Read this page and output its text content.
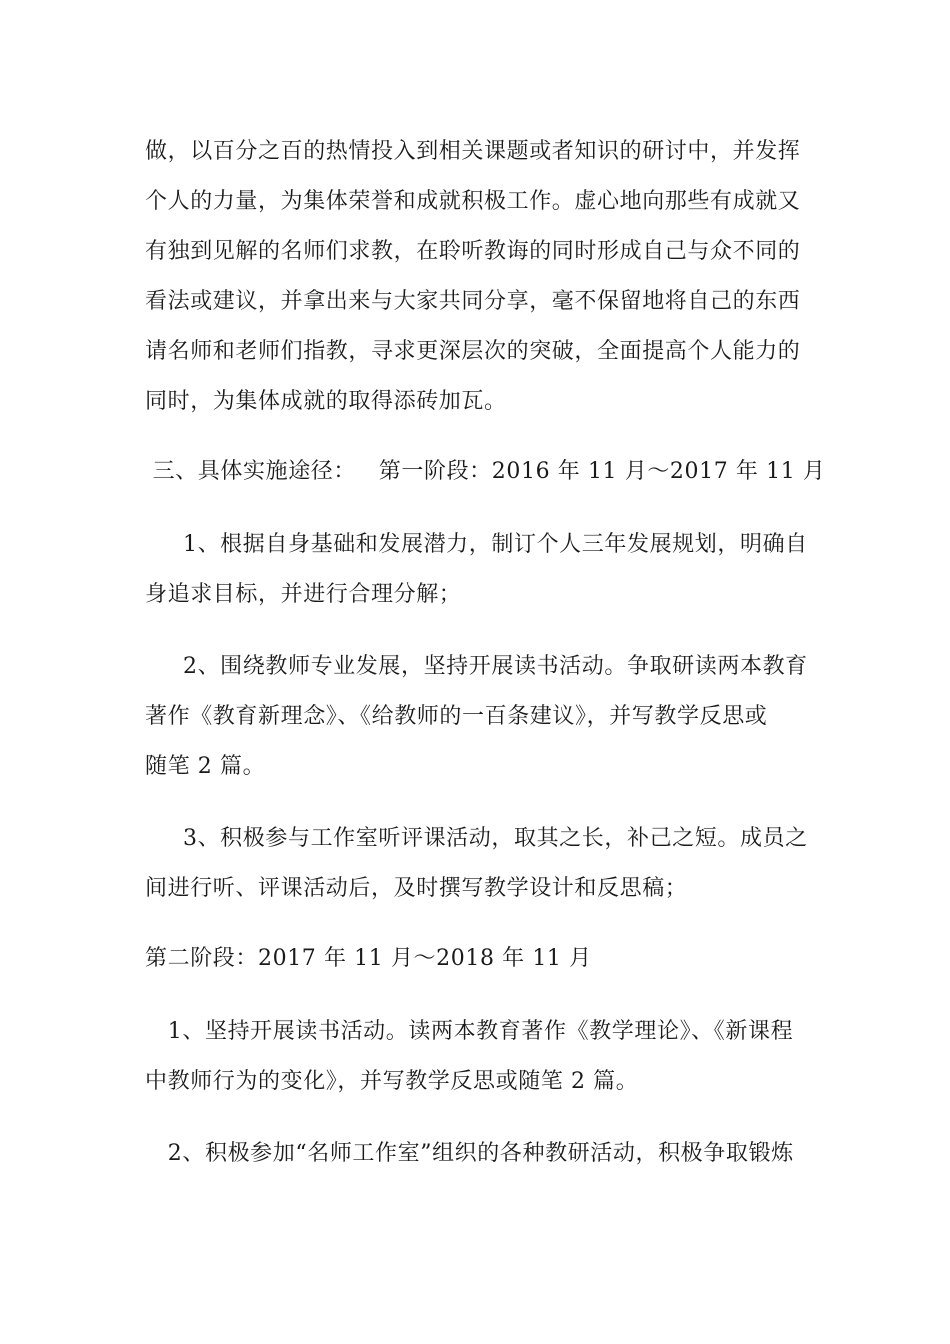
做，以百分之百的热情投入到相关课题或者知识的研讨中，并发挥
个人的力量，为集体荣誉和成就积极工作。虚心地向那些有成就又
有独到见解的名师们求教，在聆听教诲的同时形成自己与众不同的
看法或建议，并拿出来与大家共同分享，毫不保留地将自己的东西
请名师和老师们指教，寻求更深层次的突破，全面提高个人能力的
同时，为集体成就的取得添砖加瓦。
三、具体实施途径：   第一阶段：2016 年 11 月～2017 年 11 月
1、根据自身基础和发展潜力，制订个人三年发展规划，明确自
身追求目标，并进行合理分解；
2、围绕教师专业发展，坚持开展读书活动。争取研读两本教育
著作《教育新理念》、《给教师的一百条建议》，并写教学反思或
随笔 2 篇。
3、积极参与工作室听评课活动，取其之长，补己之短。成员之
间进行听、评课活动后，及时撰写教学设计和反思稿；
第二阶段：2017 年 11 月～2018 年 11 月
1、坚持开展读书活动。读两本教育著作《教学理论》、《新课程
中教师行为的变化》，并写教学反思或随笔 2 篇。
2、积极参加“名师工作室”组织的各种教研活动，积极争取锻炼
